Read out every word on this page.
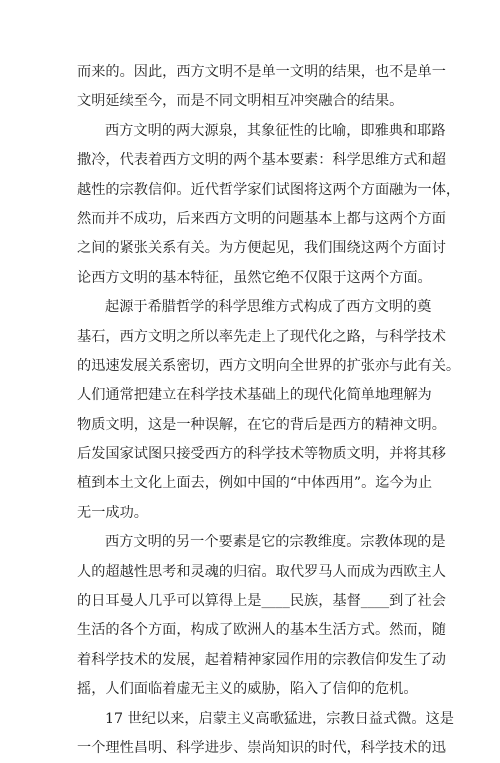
而来的。因此，西方文明不是单一文明的结果，也不是单一
文明延续至今，而是不同文明相互冲突融合的结果。
西方文明的两大源泉，其象征性的比喻，即雅典和耶路
撒冷，代表着西方文明的两个基本要素：科学思维方式和超
越性的宗教信仰。近代哲学家们试图将这两个方面融为一体，
然而并不成功，后来西方文明的问题基本上都与这两个方面
之间的紧张关系有关。为方便起见，我们围绕这两个方面讨
论西方文明的基本特征，虽然它绝不仅限于这两个方面。
起源于希腊哲学的科学思维方式构成了西方文明的奠
基石，西方文明之所以率先走上了现代化之路，与科学技术
的迅速发展关系密切，西方文明向全世界的扩张亦与此有关。
人们通常把建立在科学技术基础上的现代化简单地理解为
物质文明，这是一种误解，在它的背后是西方的精神文明。
后发国家试图只接受西方的科学技术等物质文明，并将其移
植到本土文化上面去，例如中国的“中体西用”。迄今为止
无一成功。
西方文明的另一个要素是它的宗教维度。宗教体现的是
人的超越性思考和灵魂的归宿。取代罗马人而成为西欧主人
的日耳曼人几乎可以算得上是____民族，基督____到了社会
生活的各个方面，构成了欧洲人的基本生活方式。然而，随
着科学技术的发展，起着精神家园作用的宗教信仰发生了动
摇，人们面临着虚无主义的威胁，陷入了信仰的危机。
17 世纪以来，启蒙主义高歌猛进，宗教日益式微。这是
一个理性昌明、科学进步、崇尚知识的时代，科学技术的迅
